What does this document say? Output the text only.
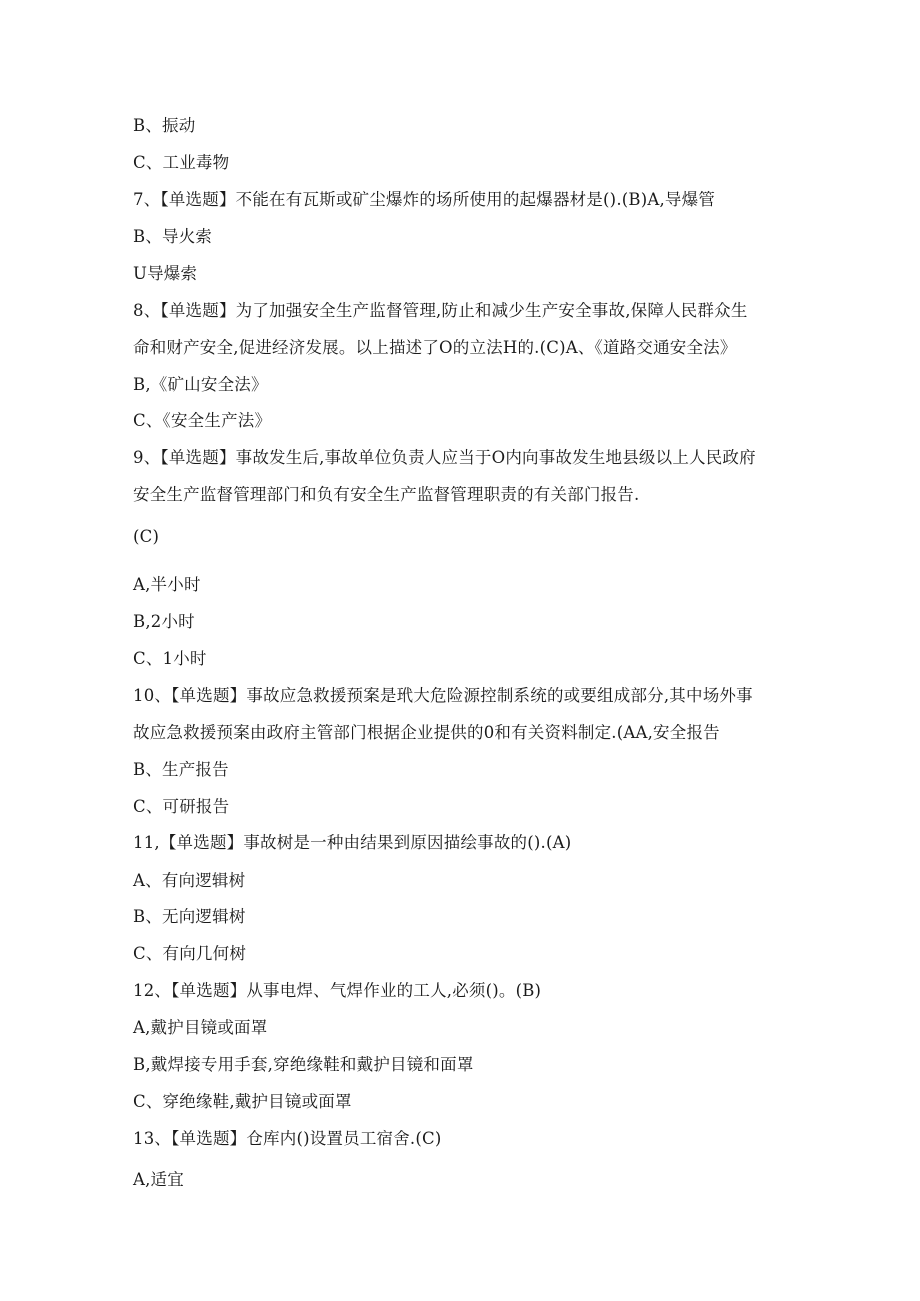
B、振动
C、工业毒物
7、【单选题】不能在有瓦斯或矿尘爆炸的场所使用的起爆器材是().(B)A,导爆管
B、导火索
U导爆索
8、【单选题】为了加强安全生产监督管理,防止和减少生产安全事故,保障人民群众生
命和财产安全,促进经济发展。以上描述了O的立法H的.(C)A、《道路交通安全法》
B,《矿山安全法》
C、《安全生产法》
9、【单选题】事故发生后,事故单位负责人应当于O内向事故发生地县级以上人民政府
安全生产监督管理部门和负有安全生产监督管理职责的有关部门报告.
(C)
A,半小时
B,2小时
C、1小时
10、【单选题】事故应急救援预案是玳大危险源控制系统的或要组成部分,其中场外事
故应急救援预案由政府主管部门根据企业提供的0和有关资料制定.(AA,安全报告
B、生产报告
C、可研报告
11,【单选题】事故树是一种由结果到原因描绘事故的().(A)
A、有向逻辑树
B、无向逻辑树
C、有向几何树
12、【单选题】从事电焊、气焊作业的工人,必须()。(B)
A,戴护目镜或面罩
B,戴焊接专用手套,穿绝缘鞋和戴护目镜和面罩
C、穿绝缘鞋,戴护目镜或面罩
13、【单选题】仓库内()设置员工宿舍.(C)
A,适宜
